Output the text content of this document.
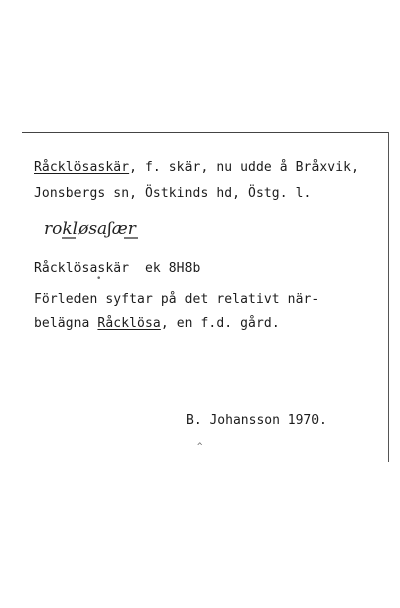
Råcklösaskär, f. skär, nu udde å Bråxvik,
Jonsbergs sn, Östkinds hd, Östg. l.
rokløsaʃær
Råcklösaskär  ek 8H8b
•
Förleden syftar på det relativt när-
belägna Råcklösa, en f.d. gård.
B. Johansson 1970.
^
